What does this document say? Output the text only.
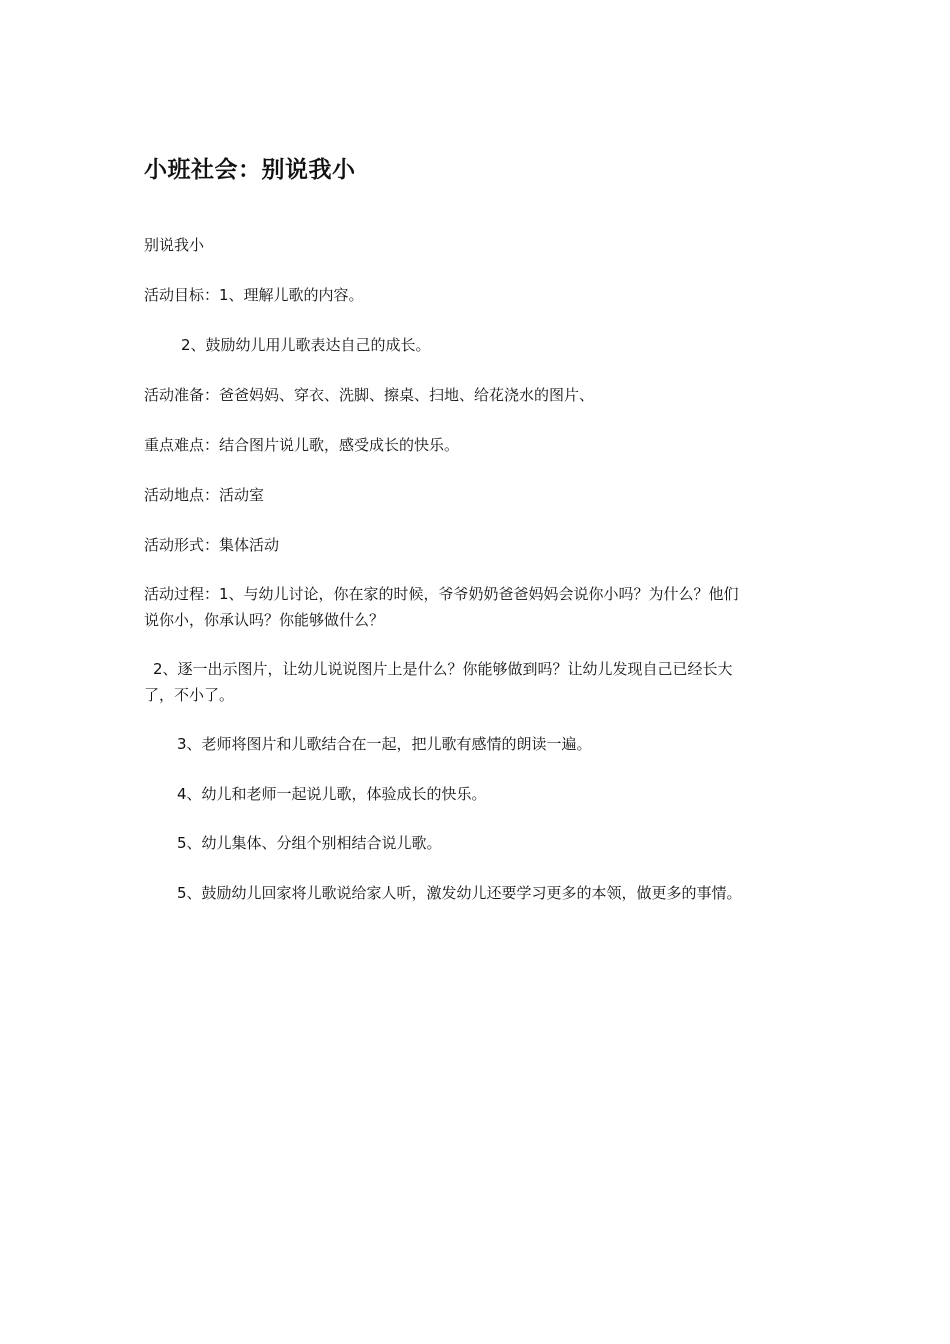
小班社会：别说我小

别说我小

活动目标：1、理解儿歌的内容。

2、鼓励幼儿用儿歌表达自己的成长。

活动准备：爸爸妈妈、穿衣、洗脚、擦桌、扫地、给花浇水的图片、

重点难点：结合图片说儿歌，感受成长的快乐。

活动地点：活动室

活动形式：集体活动

活动过程：1、与幼儿讨论，你在家的时候，爷爷奶奶爸爸妈妈会说你小吗？为什么？他们

说你小，你承认吗？你能够做什么？

2、逐一出示图片，让幼儿说说图片上是什么？你能够做到吗？让幼儿发现自己已经长大

了，不小了。

3、老师将图片和儿歌结合在一起，把儿歌有感情的朗读一遍。

4、幼儿和老师一起说儿歌，体验成长的快乐。

5、幼儿集体、分组个别相结合说儿歌。

5、鼓励幼儿回家将儿歌说给家人听，激发幼儿还要学习更多的本领，做更多的事情。
